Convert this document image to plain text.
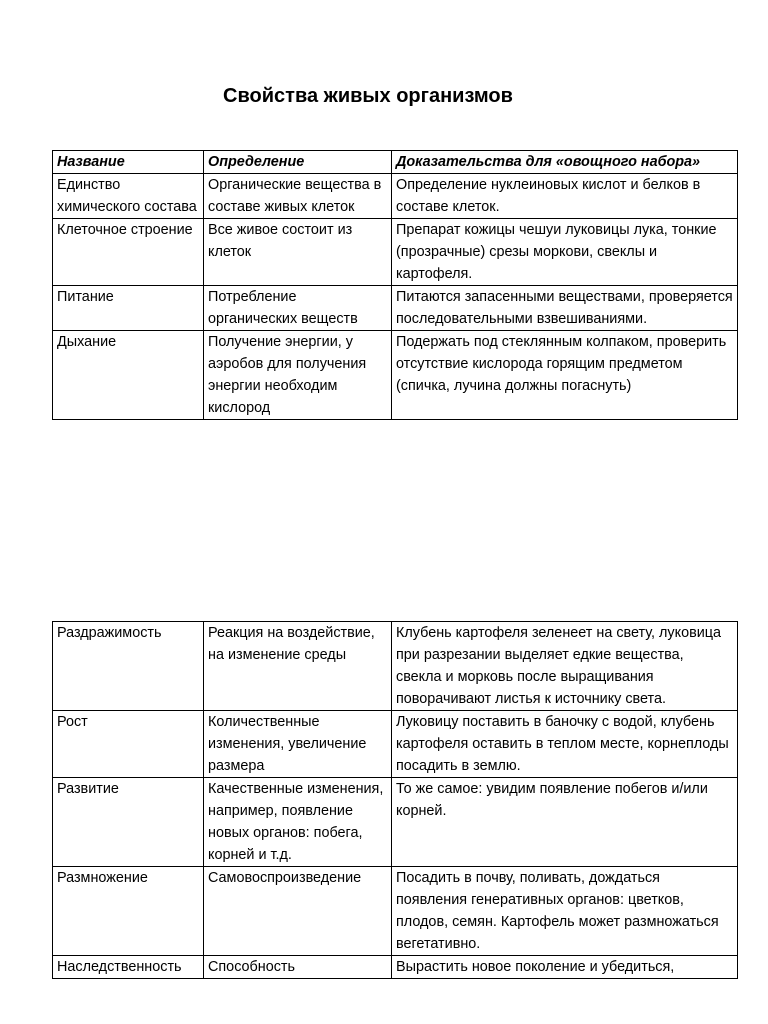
Свойства живых организмов
Название	Определение	Доказательства для «овощного набора»
Единство химического состава	Органические вещества в составе живых клеток	Определение нуклеиновых кислот и белков в составе клеток.
Клеточное строение	Все живое состоит из клеток	Препарат кожицы чешуи луковицы лука, тонкие (прозрачные) срезы моркови, свеклы и картофеля.
Питание	Потребление органических веществ	Питаются запасенными веществами, проверяется последовательными взвешиваниями.
Дыхание	Получение энергии, у аэробов для получения энергии необходим кислород	Подержать под стеклянным колпаком, проверить отсутствие кислорода горящим предметом (спичка, лучина должны погаснуть)
Раздражимость	Реакция на воздействие, на изменение среды	Клубень картофеля зеленеет на свету, луковица при разрезании выделяет едкие вещества, свекла и морковь после выращивания поворачивают листья к источнику света.
Рост	Количественные изменения, увеличение размера	Луковицу поставить в баночку с водой, клубень картофеля оставить в теплом месте, корнеплоды посадить в землю.
Развитие	Качественные изменения, например, появление новых органов: побега, корней и т.д.	То же самое: увидим появление побегов и/или корней.
Размножение	Самовоспроизведение	Посадить в почву, поливать, дождаться появления генеративных органов: цветков, плодов, семян. Картофель может размножаться вегетативно.
Наследственность	Способность	Вырастить новое поколение и убедиться,
